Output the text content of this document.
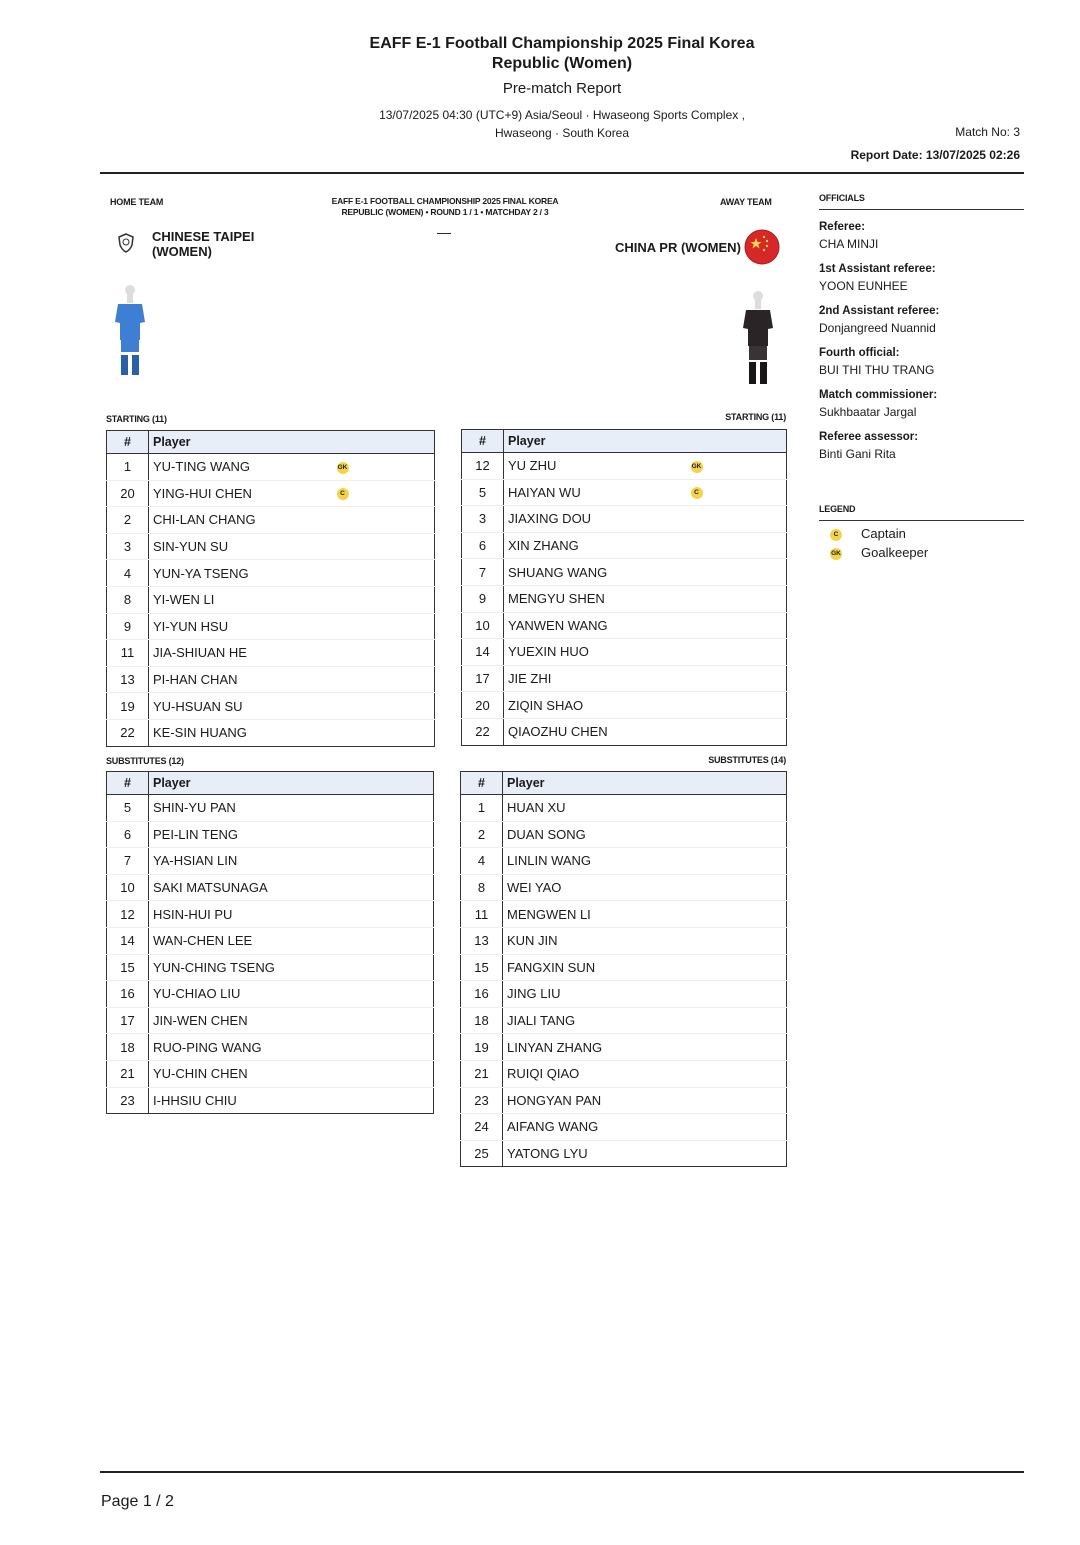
EAFF E-1 Football Championship 2025 Final Korea
Republic (Women)
Pre-match Report
13/07/2025 04:30 (UTC+9) Asia/Seoul · Hwaseong Sports Complex ,
Hwaseong · South Korea	Match No: 3
Report Date: 13/07/2025 02:26
HOME TEAM	AWAY TEAM
EAFF E-1 FOOTBALL CHAMPIONSHIP 2025 FINAL KOREA
REPUBLIC (WOMEN) • ROUND 1 / 1 • MATCHDAY 2 / 3
—
CHINESE TAIPEI
(WOMEN)	CHINA PR (WOMEN)
STARTING (11)	STARTING (11)
#	Player	
1	YU-TING WANG	GK
20	YING-HUI CHEN	C
2	CHI-LAN CHANG	
3	SIN-YUN SU	
4	YUN-YA TSENG	
8	YI-WEN LI	
9	YI-YUN HSU	
11	JIA-SHIUAN HE	
13	PI-HAN CHAN	
19	YU-HSUAN SU	
22	KE-SIN HUANG	
#	Player	
12	YU ZHU	GK
5	HAIYAN WU	C
3	JIAXING DOU	
6	XIN ZHANG	
7	SHUANG WANG	
9	MENGYU SHEN	
10	YANWEN WANG	
14	YUEXIN HUO	
17	JIE ZHI	
20	ZIQIN SHAO	
22	QIAOZHU CHEN	
SUBSTITUTES (12)	SUBSTITUTES (14)
#	Player
5	SHIN-YU PAN
6	PEI-LIN TENG
7	YA-HSIAN LIN
10	SAKI MATSUNAGA
12	HSIN-HUI PU
14	WAN-CHEN LEE
15	YUN-CHING TSENG
16	YU-CHIAO LIU
17	JIN-WEN CHEN
18	RUO-PING WANG
21	YU-CHIN CHEN
23	I-HHSIU CHIU
#	Player
1	HUAN XU
2	DUAN SONG
4	LINLIN WANG
8	WEI YAO
11	MENGWEN LI
13	KUN JIN
15	FANGXIN SUN
16	JING LIU
18	JIALI TANG
19	LINYAN ZHANG
21	RUIQI QIAO
23	HONGYAN PAN
24	AIFANG WANG
25	YATONG LYU
OFFICIALS
Referee:
CHA MINJI
1st Assistant referee:
YOON EUNHEE
2nd Assistant referee:
Donjangreed Nuannid
Fourth official:
BUI THI THU TRANG
Match commissioner:
Sukhbaatar Jargal
Referee assessor:
Binti Gani Rita
LEGEND
C Captain
GK Goalkeeper
Page 1 / 2
